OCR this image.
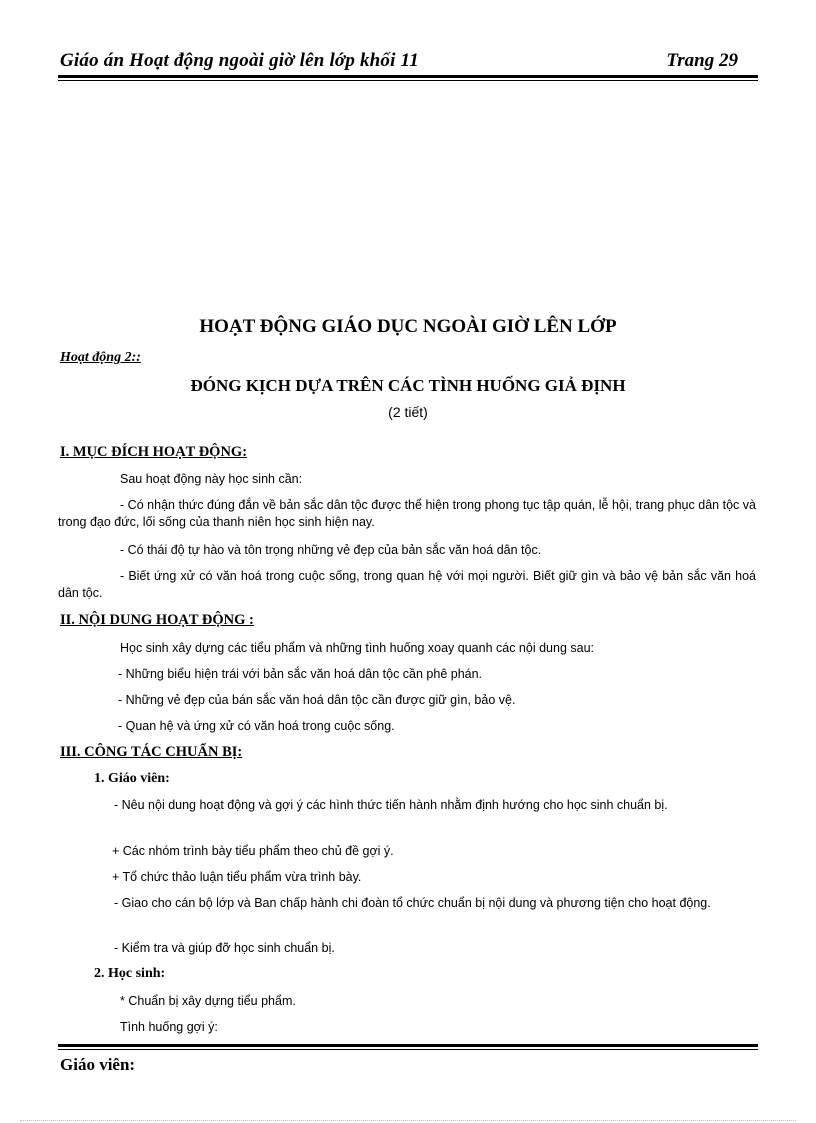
Giáo án Hoạt động ngoài giờ lên lớp khối 11	Trang 29
HOẠT ĐỘNG GIÁO DỤC NGOÀI GIỜ LÊN LỚP
Hoạt động 2::
ĐÓNG KỊCH DỰA TRÊN CÁC TÌNH HUỐNG GIẢ ĐỊNH
(2 tiết)
I. MỤC ĐÍCH HOẠT ĐỘNG:
Sau hoạt động này học sinh cần:
- Có nhận thức đúng đắn về bản sắc dân tộc được thể hiện trong phong tục tập quán, lễ hội, trang phục dân tộc và trong đạo đức, lối sống của thanh niên học sinh hiện nay.
- Có thái độ tự hào và tôn trọng những vẻ đẹp của bản sắc văn hoá dân tộc.
- Biết ứng xử có văn hoá trong cuộc sống, trong quan hệ với mọi người. Biết giữ gìn và bảo vệ bản sắc văn hoá dân tộc.
II. NỘI DUNG HOẠT ĐỘNG :
Học sinh xây dựng các tiểu phẩm và những tình huống xoay quanh các nội dung sau:
- Những biểu hiện trái với bản sắc văn hoá dân tộc cần phê phán.
- Những vẻ đẹp của bán sắc văn hoá dân tộc cần được giữ gìn, bảo vệ.
- Quan hệ và ứng xử có văn hoá trong cuộc sống.
III. CÔNG TÁC CHUẨN BỊ:
1. Giáo viên:
- Nêu nội dung hoạt động và gợi ý các hình thức tiến hành nhằm định hướng cho học sinh chuẩn bị.
+ Các nhóm trình bày tiểu phẩm theo chủ đề gợi ý.
+ Tổ chức thảo luận tiểu phẩm vừa trình bày.
- Giao cho cán bộ lớp và Ban chấp hành chi đoàn tổ chức chuẩn bị nội dung và phương tiện cho hoạt động.
- Kiểm tra và giúp đỡ học sinh chuẩn bị.
2. Học sinh:
* Chuẩn bị xây dựng tiểu phẩm.
Tình huống gợi ý:
Giáo viên:
